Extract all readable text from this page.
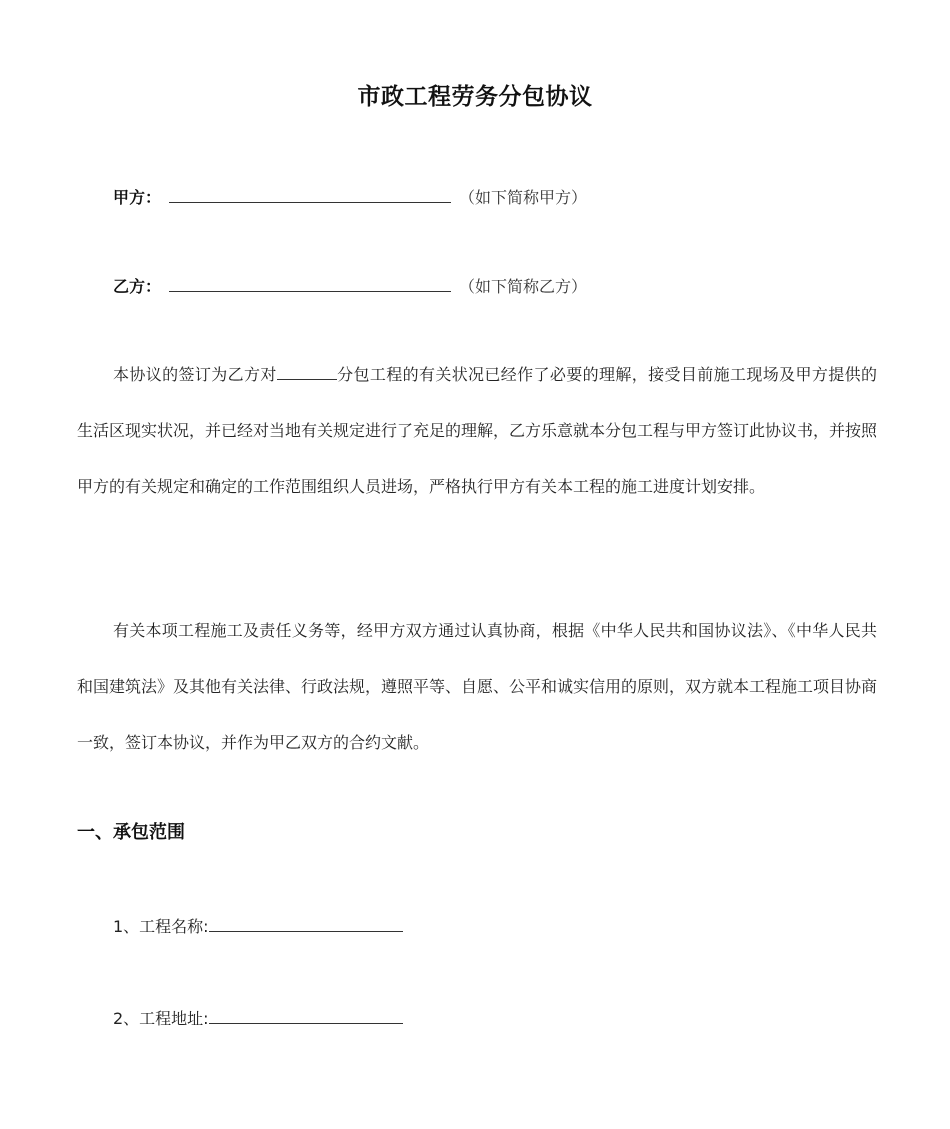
市政工程劳务分包协议
甲方：	（如下简称甲方）
乙方：	（如下简称乙方）
本协议的签订为乙方对	分包工程的有关状况已经作了必要的理解，接受目前施工现场及甲方提供的生活区现实状况，并已经对当地有关规定进行了充足的理解，乙方乐意就本分包工程与甲方签订此协议书，并按照甲方的有关规定和确定的工作范围组织人员进场，严格执行甲方有关本工程的施工进度计划安排。
有关本项工程施工及责任义务等，经甲方双方通过认真协商，根据《中华人民共和国协议法》、《中华人民共和国建筑法》及其他有关法律、行政法规，遵照平等、自愿、公平和诚实信用的原则，双方就本工程施工项目协商一致，签订本协议，并作为甲乙双方的合约文献。
一、承包范围
1、工程名称:
2、工程地址:
